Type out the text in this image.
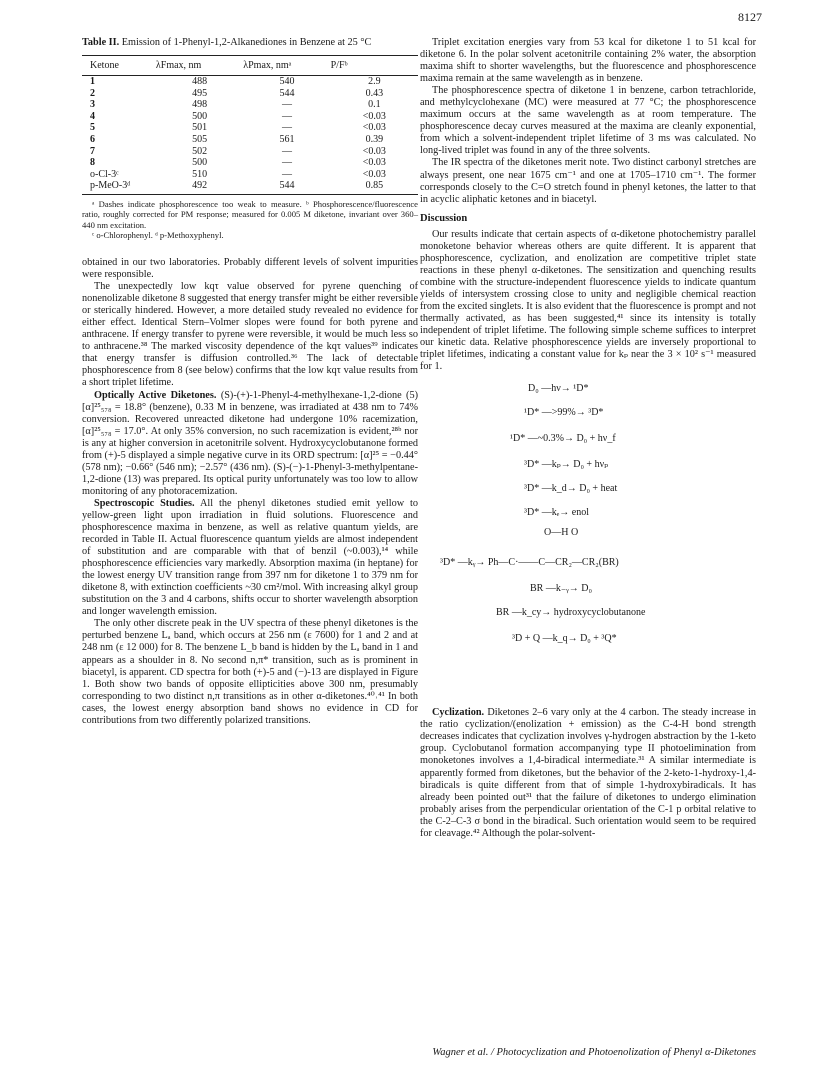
8127

Table II. Emission of 1-Phenyl-1,2-Alkanediones in Benzene at 25 °C

Ketone	λFmax, nm	λPmax, nmᵃ	P/Fᵇ
1	488	540	2.9
2	495	544	0.43
3	498	—	0.1
4	500	—	<0.03
5	501	—	<0.03
6	505	561	0.39
7	502	—	<0.03
8	500	—	<0.03
o-Cl-3ᶜ	510	—	<0.03
p-MeO-3ᵈ	492	544	0.85

ᵃ Dashes indicate phosphorescence too weak to measure. ᵇ Phosphorescence/fluorescence ratio, roughly corrected for PM response; measured for 0.005 M diketone, invariant over 360–440 nm excitation.

ᶜ o-Chlorophenyl. ᵈ p-Methoxyphenyl.

obtained in our two laboratories. Probably different levels of solvent impurities were responsible.

The unexpectedly low kqτ value observed for pyrene quenching of nonenolizable diketone 8 suggested that energy transfer might be either reversible or sterically hindered. However, a more detailed study revealed no evidence for either effect. Identical Stern–Volmer slopes were found for both pyrene and anthracene. If energy transfer to pyrene were reversible, it would be much less so to anthracene.³⁸ The marked viscosity dependence of the kqτ values³⁹ indicates that energy transfer is diffusion controlled.³⁶ The lack of detectable phosphorescence from 8 (see below) confirms that the low kqτ value results from a short triplet lifetime.

Optically Active Diketones. (S)-(+)-1-Phenyl-4-methylhexane-1,2-dione (5) [α]²⁵₅₇₈ = 18.8° (benzene), 0.33 M in benzene, was irradiated at 438 nm to 74% conversion. Recovered unreacted diketone had undergone 10% racemization, [α]²⁵₅₇₈ = 17.0°. At only 35% conversion, no such racemization is evident,²⁸ᵇ nor is any at higher conversion in acetonitrile solvent. Hydroxycyclobutanone formed from (+)-5 displayed a simple negative curve in its ORD spectrum: [α]²⁵ = −0.44° (578 nm); −0.66° (546 nm); −2.57° (436 nm). (S)-(−)-1-Phenyl-3-methylpentane-1,2-dione (13) was prepared. Its optical purity unfortunately was too low to allow monitoring of any photoracemization.

Spectroscopic Studies. All the phenyl diketones studied emit yellow to yellow-green light upon irradiation in fluid solutions. Fluorescence and phosphorescence maxima in benzene, as well as relative quantum yields, are recorded in Table II. Actual fluorescence quantum yields are almost independent of substitution and are comparable with that of benzil (~0.003),¹⁴ while phosphorescence efficiencies vary markedly. Absorption maxima (in heptane) for the lowest energy UV transition range from 397 nm for diketone 1 to 379 nm for diketone 8, with extinction coefficients ~30 cm²/mol. With increasing alkyl group substitution on the 3 and 4 carbons, shifts occur to shorter wavelength absorption and longer wavelength emission.

The only other discrete peak in the UV spectra of these phenyl diketones is the perturbed benzene Lₐ band, which occurs at 256 nm (ε 7600) for 1 and 2 and at 248 nm (ε 12 000) for 8. The benzene L_b band is hidden by the Lₐ band in 1 and appears as a shoulder in 8. No second n,π* transition, such as is prominent in biacetyl, is apparent. CD spectra for both (+)-5 and (−)-13 are displayed in Figure 1. Both show two bands of opposite ellipticities above 300 nm, presumably corresponding to two distinct n,π transitions as in other α-diketones.⁴⁰˒⁴¹ In both cases, the lowest energy absorption band shows no evidence in CD for contributions from two differently polarized transitions.

Triplet excitation energies vary from 53 kcal for diketone 1 to 51 kcal for diketone 6. In the polar solvent acetonitrile containing 2% water, the absorption maxima shift to shorter wavelengths, but the fluorescence and phosphorescence maxima remain at the same wavelength as in benzene.

The phosphorescence spectra of diketone 1 in benzene, carbon tetrachloride, and methylcyclohexane (MC) were measured at 77 °C; the phosphorescence maximum occurs at the same wavelength as at room temperature. The phosphorescence decay curves measured at the maxima are cleanly exponential, from which a solvent-independent triplet lifetime of 3 ms was calculated. No long-lived triplet was found in any of the three solvents.

The IR spectra of the diketones merit note. Two distinct carbonyl stretches are always present, one near 1675 cm⁻¹ and one at 1705–1710 cm⁻¹. The former corresponds closely to the C=O stretch found in phenyl ketones, the latter to that in acyclic aliphatic ketones and in biacetyl.

Discussion

Our results indicate that certain aspects of α-diketone photochemistry parallel monoketone behavior whereas others are quite different. It is apparent that phosphorescence, cyclization, and enolization are competitive triplet state reactions in these phenyl α-diketones. The sensitization and quenching results combine with the structure-independent fluorescence yields to indicate quantum yields of intersystem crossing close to unity and negligible chemical reaction from the excited singlets. It is also evident that the fluorescence is prompt and not thermally activated, as has been suggested,⁴¹ since its intensity is totally independent of triplet lifetime. The following simple scheme suffices to interpret our kinetic data. Relative phosphorescence yields are inversely proportional to triplet lifetimes, indicating a constant value for kₚ near the 3 × 10² s⁻¹ measured for 1.

D₀ —hν→ ¹D*
¹D* —>99%→ ³D*
¹D* —~0.3%→ D₀ + hν_f
³D* —kₚ→ D₀ + hνₚ
³D* —k_d→ D₀ + heat
³D* —kₑ→ enol
O—H O
³D* —kᵧ→ Ph—C·——C—CR₂—CR₂(BR)
BR —k₋ᵧ→ D₀
BR —k_cy→ hydroxycyclobutanone
³D + Q —k_q→ D₀ + ³Q*

Cyclization. Diketones 2–6 vary only at the 4 carbon. The steady increase in the ratio cyclization/(enolization + emission) as the C-4-H bond strength decreases indicates that cyclization involves γ-hydrogen abstraction by the 1-keto group. Cyclobutanol formation accompanying type II photoelimination from monoketones involves a 1,4-biradical intermediate.³¹ A similar intermediate is apparently formed from diketones, but the behavior of the 2-keto-1-hydroxy-1,4-biradicals is quite different from that of simple 1-hydroxybiradicals. It has already been pointed out³¹ that the failure of diketones to undergo elimination probably arises from the perpendicular orientation of the C-1 p orbital relative to the C-2–C-3 σ bond in the biradical. Such orientation would seem to be required for cleavage.⁴² Although the polar-solvent-

Wagner et al. / Photocyclization and Photoenolization of Phenyl α-Diketones
